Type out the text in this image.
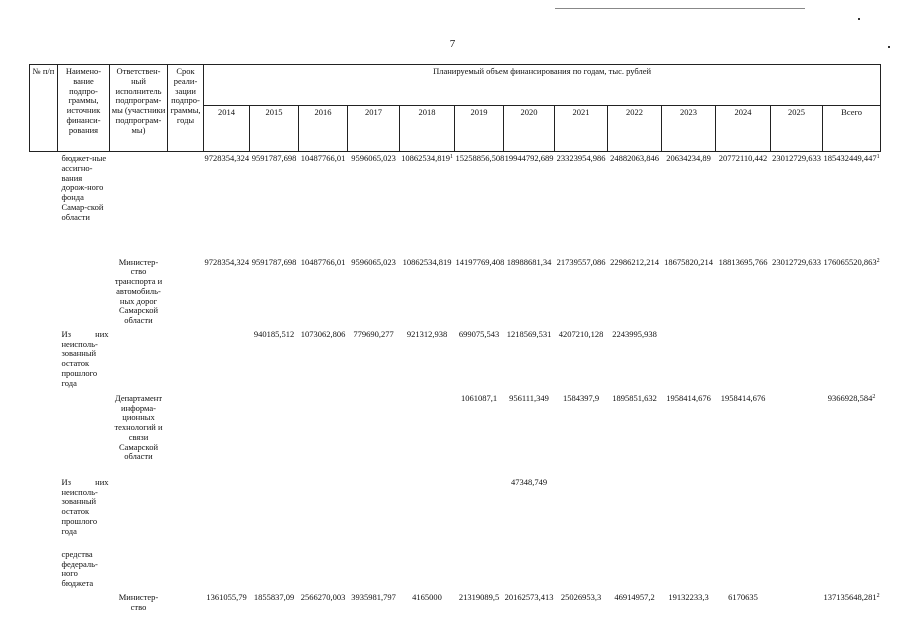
7
№ п/п	Наимено-вание подпро-граммы, источник финанси-рования	Ответствен-ный исполнитель подпрограм-мы (участники подпрограм-мы)	Срок реали-зации подпро-граммы, годы	Планируемый объем финансирования по годам, тыс. рублей												
				2014	2015	2016	2017	2018	2019	2020	2021	2022	2023	2024	2025	Всего
	бюджет-ные ассигно-вания дорож-ного фонда Самар-ской области			9728354,324	9591787,698	10487766,01	9596065,023	10862534,819$^1$	15258856,508	19944792,689	23323954,986	24882063,846	20634234,89	20772110,442	23012729,633	185432449,447$^1$
		Министер-ство транспорта и автомобиль-ных дорог Самарской области		9728354,324	9591787,698	10487766,01	9596065,023	10862534,819	14197769,408	18988681,34	21739557,086	22986212,214	18675820,214	18813695,766	23012729,633	176065520,863$^2$
	Из них неисполь-зованный остаток прошлого года				940185,512	1073062,806	779690,277	921312,938	699075,543	1218569,531	4207210,128	2243995,938				
		Департамент информа-ционных технологий и связи Самарской области							1061087,1	956111,349	1584397,9	1895851,632	1958414,676	1958414,676		9366928,584$^2$
	Из них неисполь-зованный остаток прошлого года									47348,749						
	средства федераль-ного бюджета															
		Министер-ство		1361055,79	1855837,09	2566270,003	3935981,797	4165000	21319089,5	20162573,413	25026953,3	46914957,2	19132233,3	6170635		137135648,281$^2$
